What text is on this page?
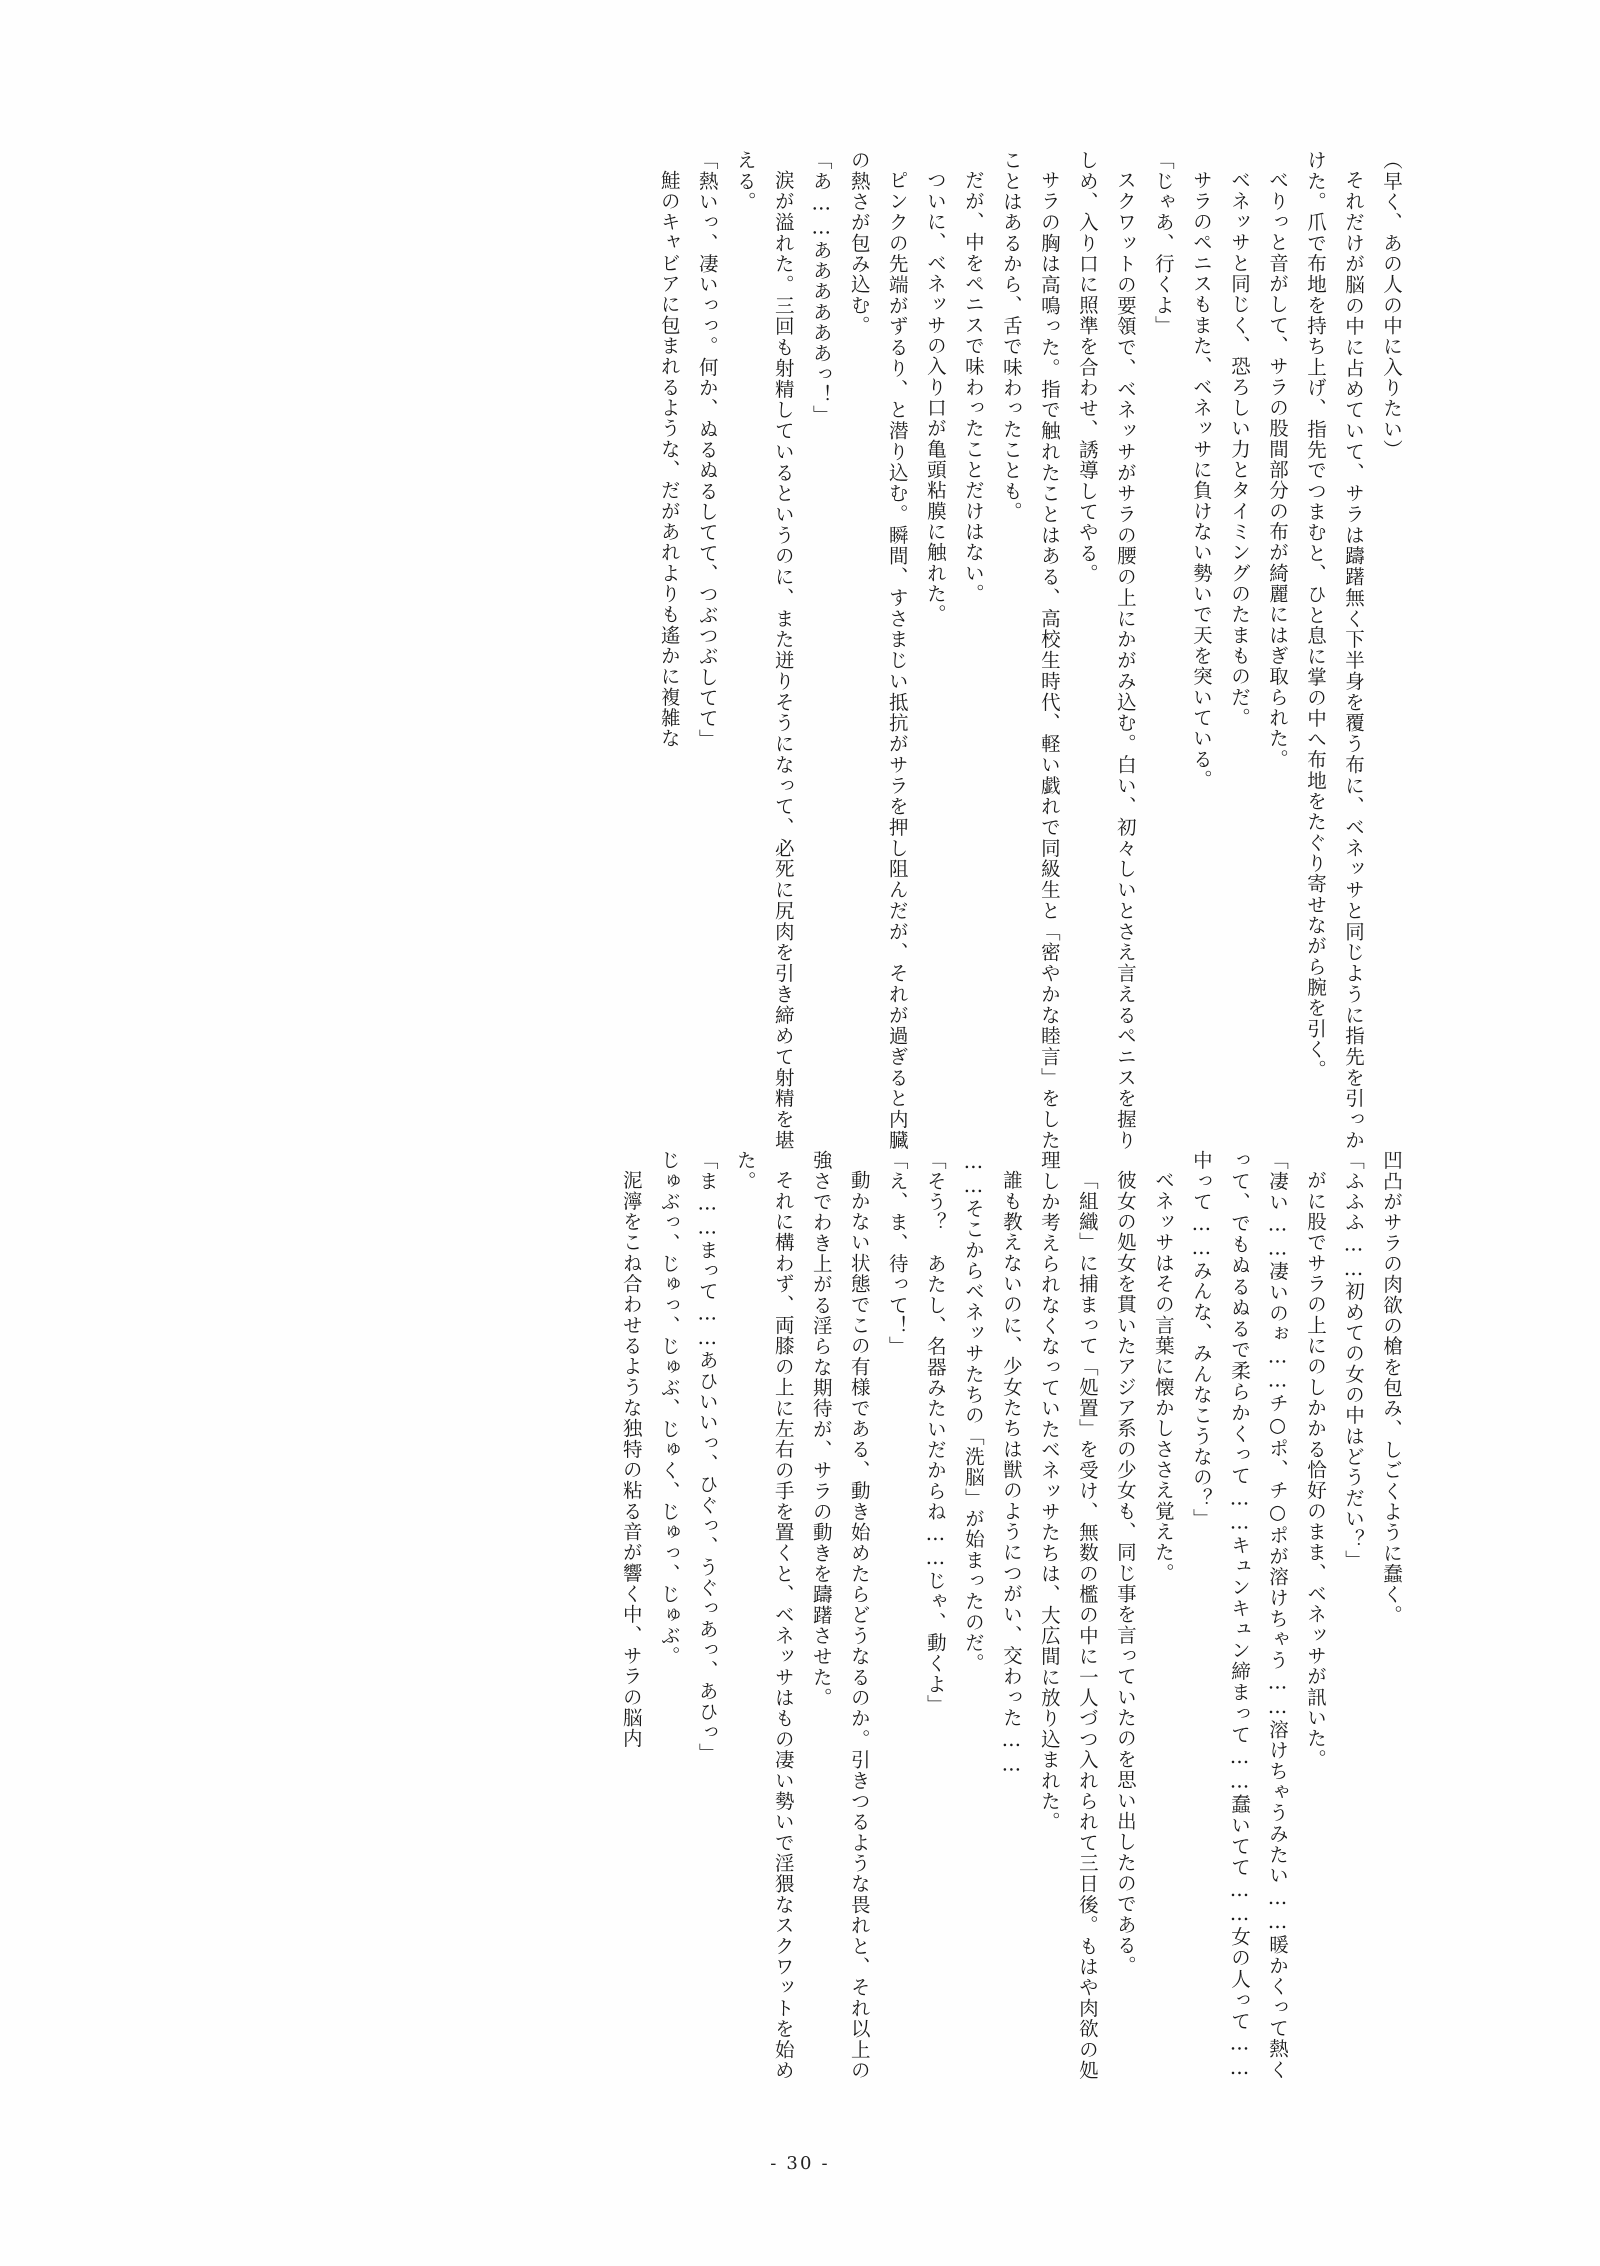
（早く、あの人の中に入りたい）

それだけが脳の中に占めていて、サラは躊躇無く下半身を覆う布に、ベネッサと同じように指先を引っかけた。爪で布地を持ち上げ、指先でつまむと、ひと息に掌の中へ布地をたぐり寄せながら腕を引く。

べりっと音がして、サラの股間部分の布が綺麗にはぎ取られた。

ベネッサと同じく、恐ろしい力とタイミングのたまものだ。

サラのペニスもまた、ベネッサに負けない勢いで天を突いている。

「じゃあ、行くよ」

スクワットの要領で、ベネッサがサラの腰の上にかがみ込む。白い、初々しいとさえ言えるペニスを握りしめ、入り口に照準を合わせ、誘導してやる。

サラの胸は高鳴った。指で触れたことはある、高校生時代、軽い戯れで同級生と「密やかな睦言」をしたことはあるから、舌で味わったことも。

だが、中をペニスで味わったことだけはない。

ついに、ベネッサの入り口が亀頭粘膜に触れた。

ピンクの先端がずるり、と潜り込む。瞬間、すさまじい抵抗がサラを押し阻んだが、それが過ぎると内臓の熱さが包み込む。

「あ……ああああああっ！」

涙が溢れた。三回も射精しているというのに、また迸りそうになって、必死に尻肉を引き締めて射精を堪える。

「熱いっ、凄いっっ。何か、ぬるぬるしてて、つぶつぶしてて」

鮭のキャビアに包まれるような、だがあれよりも遙かに複雑な

凹凸がサラの肉欲の槍を包み、しごくように蠢く。

「ふふふ……初めての女の中はどうだい？」

がに股でサラの上にのしかかる恰好のまま、ベネッサが訊いた。

「凄い……凄いのぉ……チ○ポ、チ○ポが溶けちゃう……溶けちゃうみたい……暖かくって熱くって、でもぬるぬるで柔らかくって……キュンキュン締まって……蠢いてて……女の人って……中って……みんな、みんなこうなの？」

ベネッサはその言葉に懐かしささえ覚えた。

彼女の処女を貫いたアジア系の少女も、同じ事を言っていたのを思い出したのである。

「組織」に捕まって「処置」を受け、無数の檻の中に一人づつ入れられて三日後。もはや肉欲の処理しか考えられなくなっていたベネッサたちは、大広間に放り込まれた。

誰も教えないのに、少女たちは獣のようにつがい、交わった……

……そこからベネッサたちの「洗脳」が始まったのだ。

「そう？　あたし、名器みたいだからね……じゃ、動くよ」

「え、ま、待って！」

動かない状態でこの有様である、動き始めたらどうなるのか。引きつるような畏れと、それ以上の強さでわき上がる淫らな期待が、サラの動きを躊躇させた。

それに構わず、両膝の上に左右の手を置くと、ベネッサはもの凄い勢いで淫猥なスクワットを始めた。

「ま……まって……あひいいっ、ひぐっ、うぐっあっ、あひっ」

じゅぶっ、じゅっ、じゅぶ、じゅく、じゅっ、じゅぶ。

泥濘をこね合わせるような独特の粘る音が響く中、サラの脳内

- 30 -
